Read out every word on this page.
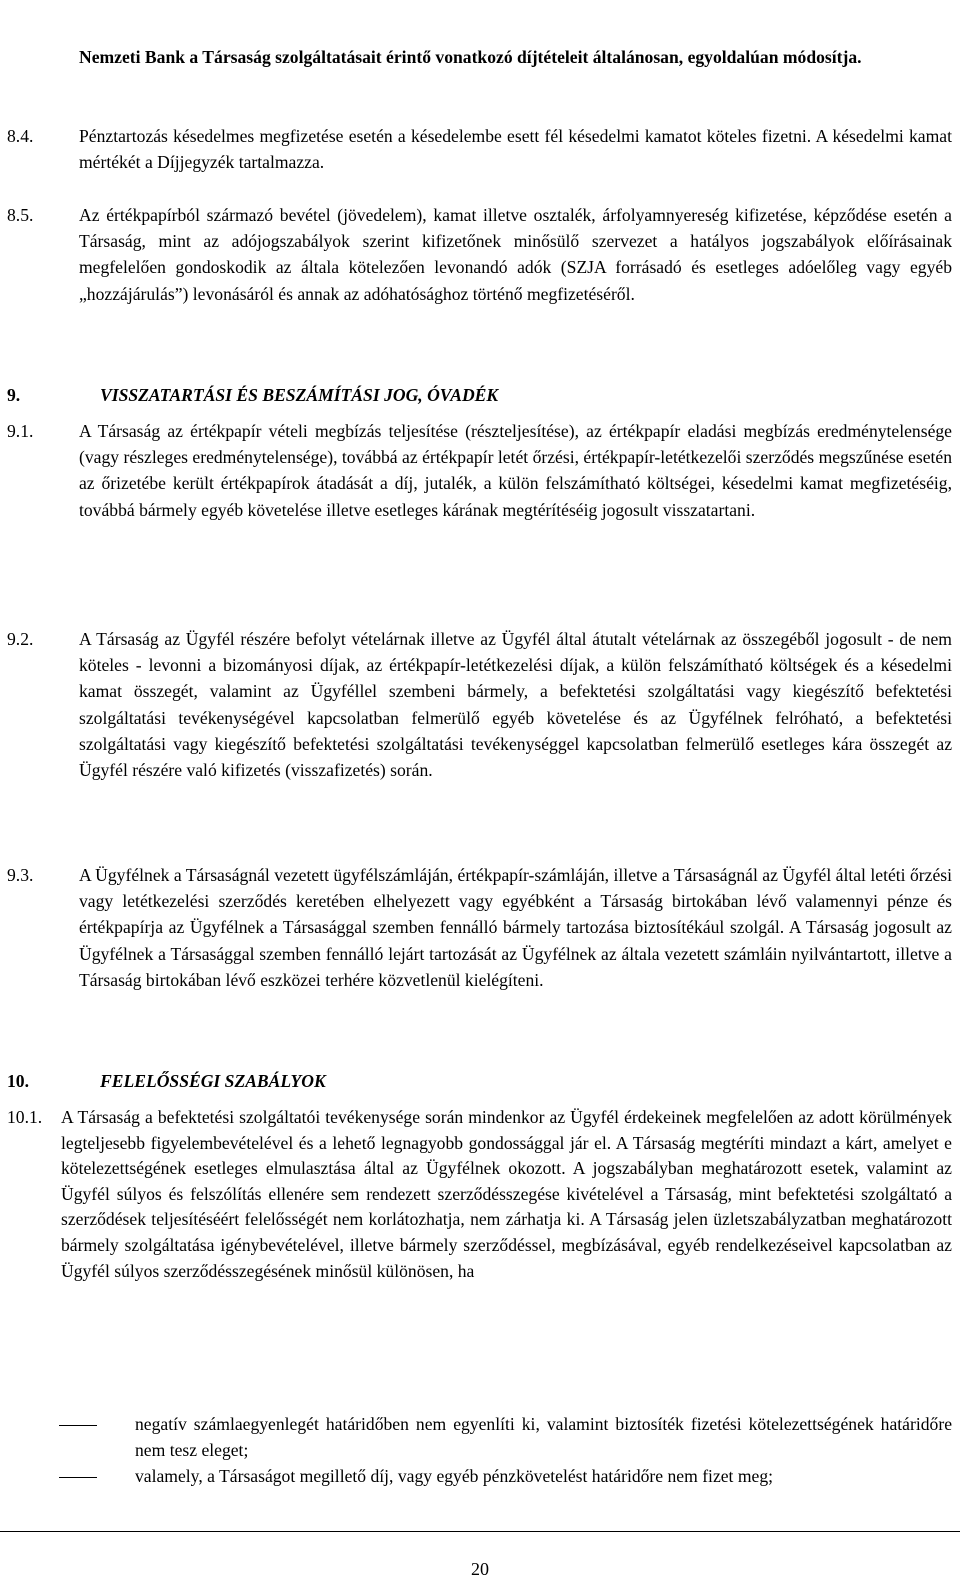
Nemzeti Bank a Társaság szolgáltatásait érintő vonatkozó díjtételeit általánosan, egyoldalúan módosítja.
8.4.	Pénztartozás késedelmes megfizetése esetén a késedelembe esett fél késedelmi kamatot köteles fizetni. A késedelmi kamat mértékét a Díjjegyzék tartalmazza.
8.5.	Az értékpapírból származó bevétel (jövedelem), kamat illetve osztalék, árfolyamnyereség kifizetése, képződése esetén a Társaság, mint az adójogszabályok szerint kifizetőnek minősülő szervezet a hatályos jogszabályok előírásainak megfelelően gondoskodik az általa kötelezően levonandó adók (SZJA forrásadó és esetleges adóelőleg vagy egyéb „hozzájárulás”) levonásáról és annak az adóhatósághoz történő megfizetéséről.
9.	VISSZATARTÁSI ÉS BESZÁMÍTÁSI JOG, ÓVADÉK
9.1.	A Társaság az értékpapír vételi megbízás teljesítése (részteljesítése), az értékpapír eladási megbízás eredménytelensége (vagy részleges eredménytelensége), továbbá az értékpapír letét őrzési, értékpapír-letétkezelői szerződés megszűnése esetén az őrizetébe került értékpapírok átadását a díj, jutalék, a külön felszámítható költségei, késedelmi kamat megfizetéséig, továbbá bármely egyéb követelése illetve esetleges kárának megtérítéséig jogosult visszatartani.
9.2.	A Társaság az Ügyfél részére befolyt vételárnak illetve az Ügyfél által átutalt vételárnak az összegéből jogosult - de nem köteles - levonni a bizományosi díjak, az értékpapír-letétkezelési díjak, a külön felszámítható költségek és a késedelmi kamat összegét, valamint az Ügyféllel szembeni bármely, a befektetési szolgáltatási vagy kiegészítő befektetési szolgáltatási tevékenységével kapcsolatban felmerülő egyéb követelése és az Ügyfélnek felróható, a befektetési szolgáltatási vagy kiegészítő befektetési szolgáltatási tevékenységgel kapcsolatban felmerülő esetleges kára összegét az Ügyfél részére való kifizetés (visszafizetés) során.
9.3.	A Ügyfélnek a Társaságnál vezetett ügyfélszámláján, értékpapír-számláján, illetve a Társaságnál az Ügyfél által letéti őrzési vagy letétkezelési szerződés keretében elhelyezett vagy egyébként a Társaság birtokában lévő valamennyi pénze és értékpapírja az Ügyfélnek a Társasággal szemben fennálló bármely tartozása biztosítékául szolgál. A Társaság jogosult az Ügyfélnek a Társasággal szemben fennálló lejárt tartozását az Ügyfélnek az általa vezetett számláin nyilvántartott, illetve a Társaság birtokában lévő eszközei terhére közvetlenül kielégíteni.
10.	FELELŐSSÉGI SZABÁLYOK
10.1.	A Társaság a befektetési szolgáltatói tevékenysége során mindenkor az Ügyfél érdekeinek megfelelően az adott körülmények legteljesebb figyelembevételével és a lehető legnagyobb gondossággal jár el. A Társaság megtéríti mindazt a kárt, amelyet e kötelezettségének esetleges elmulasztása által az Ügyfélnek okozott. A jogszabályban meghatározott esetek, valamint az Ügyfél súlyos és felszólítás ellenére sem rendezett szerződésszegése kivételével a Társaság, mint befektetési szolgáltató a szerződések teljesítéséért felelősségét nem korlátozhatja, nem zárhatja ki. A Társaság jelen üzletszabályzatban meghatározott bármely szolgáltatása igénybevételével, illetve bármely szerződéssel, megbízásával, egyéb rendelkezéseivel kapcsolatban az Ügyfél súlyos szerződésszegésének minősül különösen, ha
negatív számlaegyenlegét határidőben nem egyenlíti ki, valamint biztosíték fizetési kötelezettségének határidőre nem tesz eleget;
valamely, a Társaságot megillető díj, vagy egyéb pénzkövetelést határidőre nem fizet meg;
20
